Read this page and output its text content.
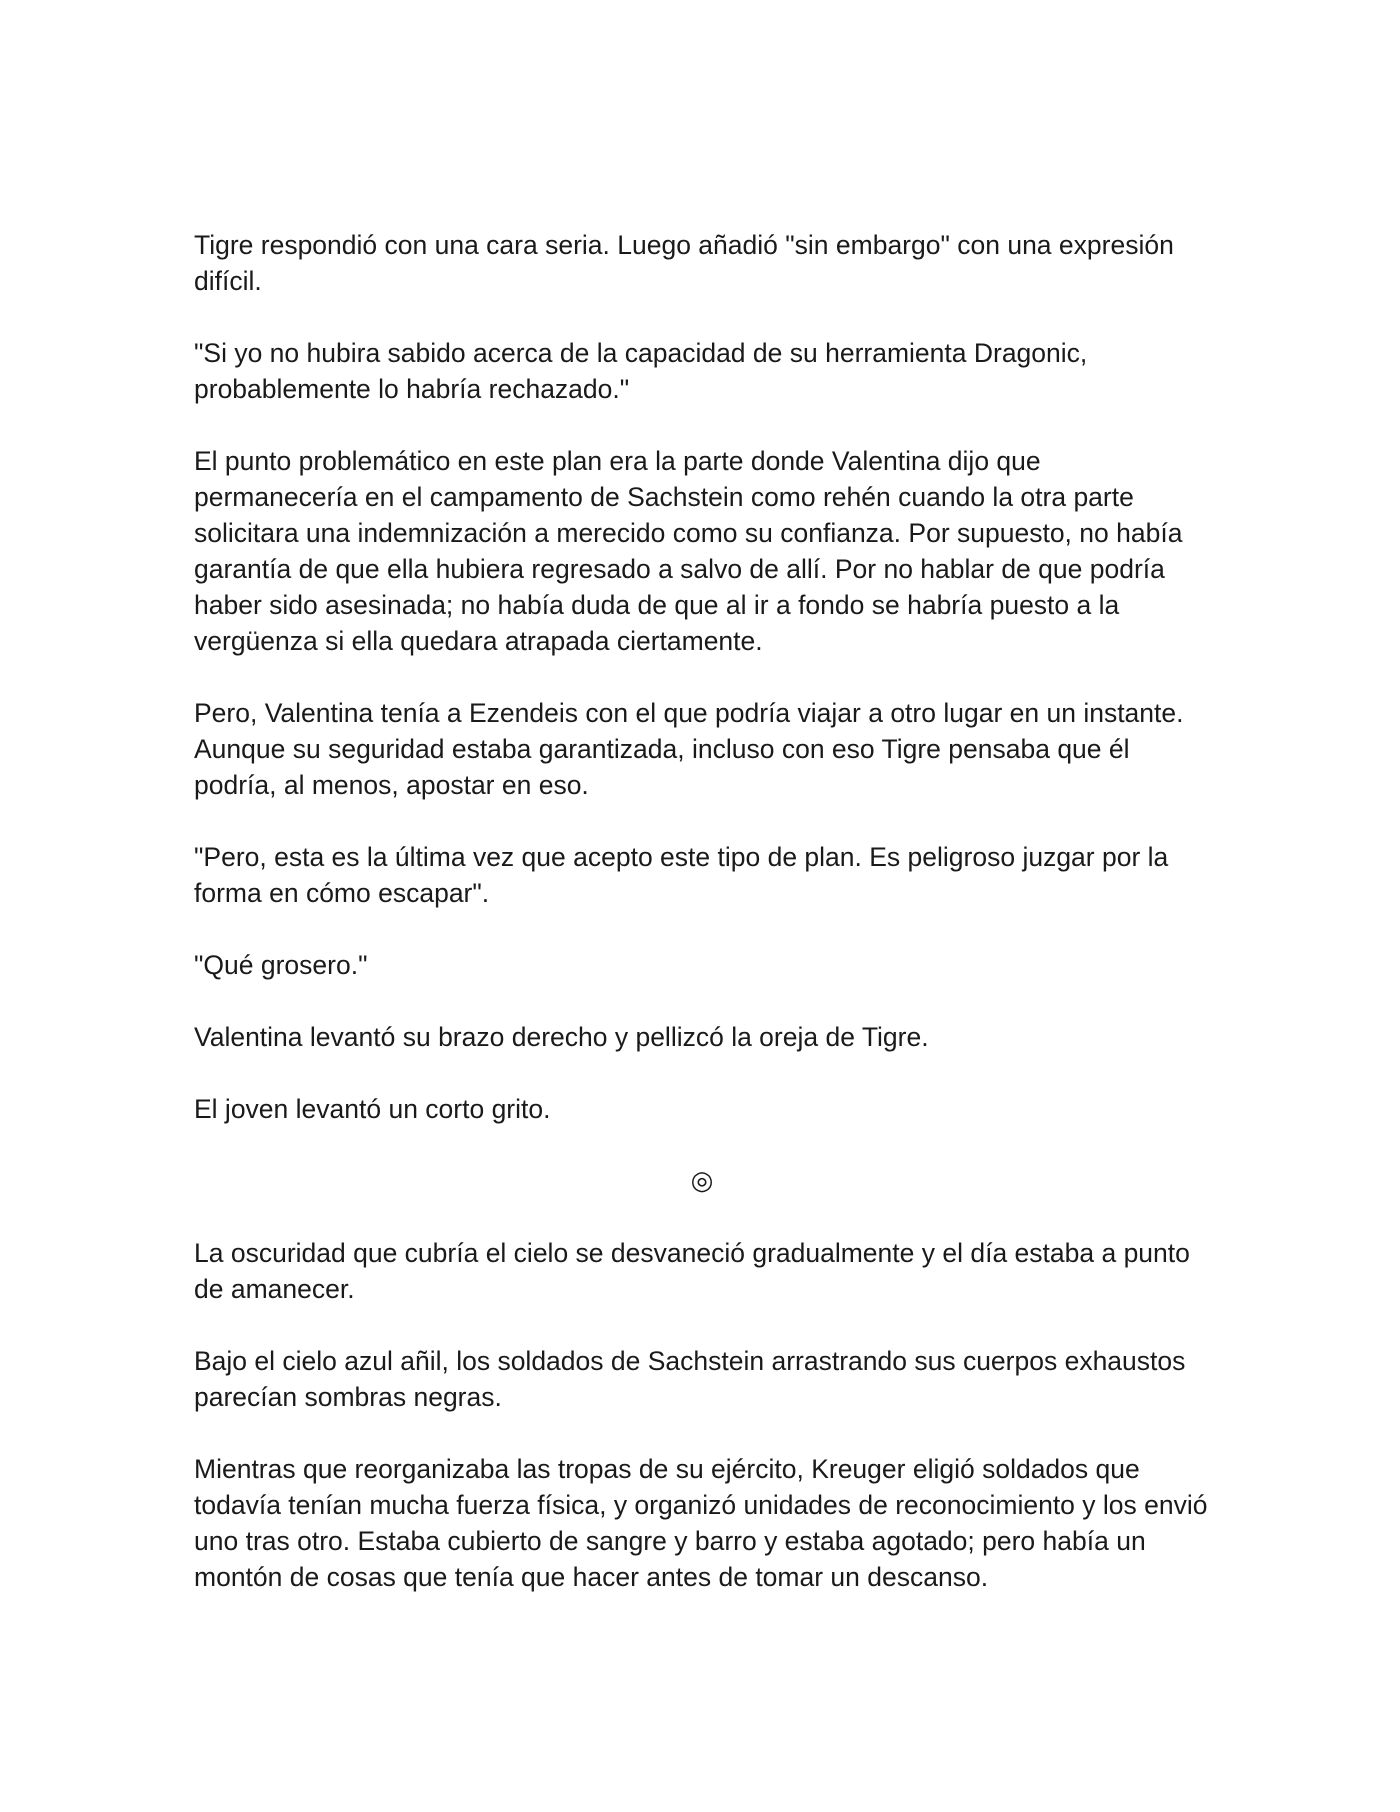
Tigre respondió con una cara seria. Luego añadió "sin embargo" con una expresión difícil.

"Si yo no hubira sabido acerca de la capacidad de su herramienta Dragonic, probablemente lo habría rechazado."

El punto problemático en este plan era la parte donde Valentina dijo que permanecería en el campamento de Sachstein como rehén cuando la otra parte solicitara una indemnización a merecido como su confianza. Por supuesto, no había garantía de que ella hubiera regresado a salvo de allí. Por no hablar de que podría haber sido asesinada; no había duda de que al ir a fondo se habría puesto a la vergüenza si ella quedara atrapada ciertamente.

Pero, Valentina tenía a Ezendeis con el que podría viajar a otro lugar en un instante. Aunque su seguridad estaba garantizada, incluso con eso Tigre pensaba que él podría, al menos, apostar en eso.

"Pero, esta es la última vez que acepto este tipo de plan. Es peligroso juzgar por la forma en cómo escapar".

"Qué grosero."

Valentina levantó su brazo derecho y pellizcó la oreja de Tigre.

El joven levantó un corto grito.

◎

La oscuridad que cubría el cielo se desvaneció gradualmente y el día estaba a punto de amanecer.

Bajo el cielo azul añil, los soldados de Sachstein arrastrando sus cuerpos exhaustos parecían sombras negras.

Mientras que reorganizaba las tropas de su ejército, Kreuger eligió soldados que todavía tenían mucha fuerza física, y organizó unidades de reconocimiento y los envió uno tras otro. Estaba cubierto de sangre y barro y estaba agotado; pero había un montón de cosas que tenía que hacer antes de tomar un descanso.
